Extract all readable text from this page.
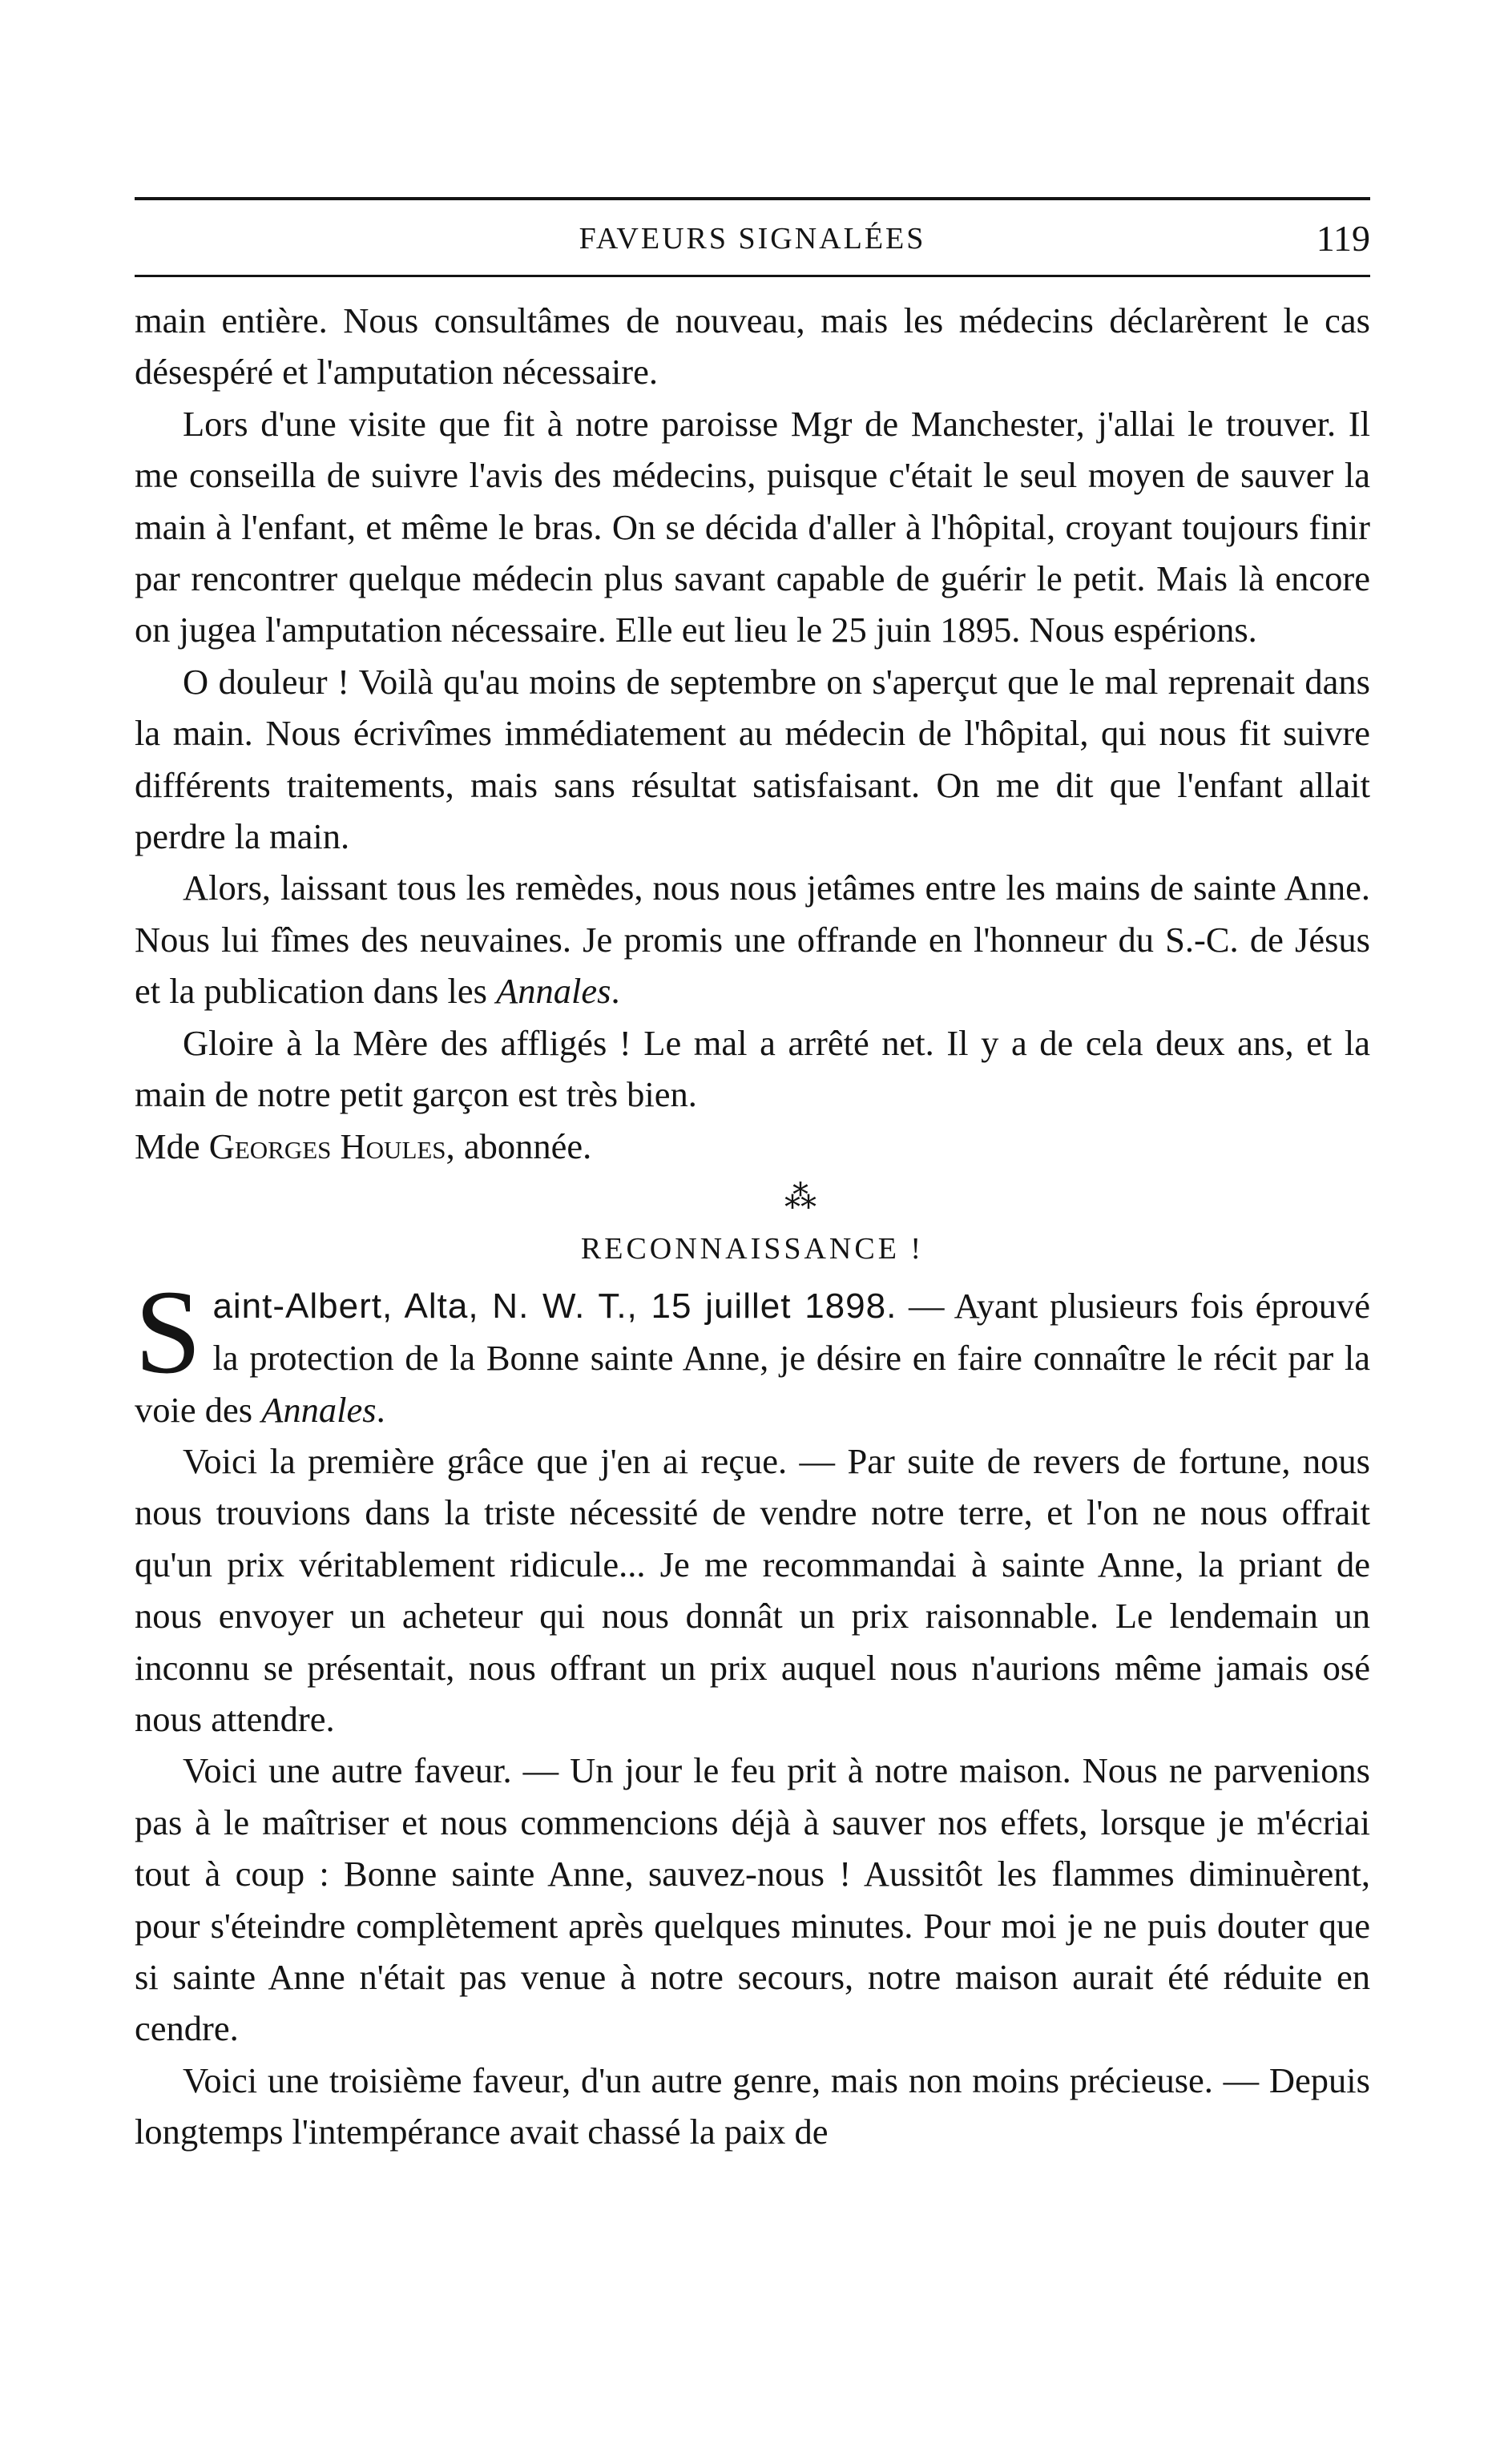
FAVEURS SIGNALÉES	119

main entière. Nous consultâmes de nouveau, mais les médecins déclarèrent le cas désespéré et l'amputation nécessaire.

Lors d'une visite que fit à notre paroisse Mgr de Manchester, j'allai le trouver. Il me conseilla de suivre l'avis des médecins, puisque c'était le seul moyen de sauver la main à l'enfant, et même le bras. On se décida d'aller à l'hôpital, croyant toujours finir par rencontrer quelque médecin plus savant capable de guérir le petit. Mais là encore on jugea l'amputation nécessaire. Elle eut lieu le 25 juin 1895. Nous espérions.

O douleur ! Voilà qu'au moins de septembre on s'aperçut que le mal reprenait dans la main. Nous écrivîmes immédiatement au médecin de l'hôpital, qui nous fit suivre différents traitements, mais sans résultat satisfaisant. On me dit que l'enfant allait perdre la main.

Alors, laissant tous les remèdes, nous nous jetâmes entre les mains de sainte Anne. Nous lui fîmes des neuvaines. Je promis une offrande en l'honneur du S.-C. de Jésus et la publication dans les Annales.

Gloire à la Mère des affligés ! Le mal a arrêté net. Il y a de cela deux ans, et la main de notre petit garçon est très bien.

Mde Georges Houles, abonnée.

⁂
RECONNAISSANCE !

Saint-Albert, Alta, N. W. T., 15 juillet 1898. — Ayant plusieurs fois éprouvé la protection de la Bonne sainte Anne, je désire en faire connaître le récit par la voie des Annales.

Voici la première grâce que j'en ai reçue. — Par suite de revers de fortune, nous nous trouvions dans la triste nécessité de vendre notre terre, et l'on ne nous offrait qu'un prix véritablement ridicule... Je me recommandai à sainte Anne, la priant de nous envoyer un acheteur qui nous donnât un prix raisonnable. Le lendemain un inconnu se présentait, nous offrant un prix auquel nous n'aurions même jamais osé nous attendre.

Voici une autre faveur. — Un jour le feu prit à notre maison. Nous ne parvenions pas à le maîtriser et nous commencions déjà à sauver nos effets, lorsque je m'écriai tout à coup : Bonne sainte Anne, sauvez-nous ! Aussitôt les flammes diminuèrent, pour s'éteindre complètement après quelques minutes. Pour moi je ne puis douter que si sainte Anne n'était pas venue à notre secours, notre maison aurait été réduite en cendre.

Voici une troisième faveur, d'un autre genre, mais non moins précieuse. — Depuis longtemps l'intempérance avait chassé la paix de
